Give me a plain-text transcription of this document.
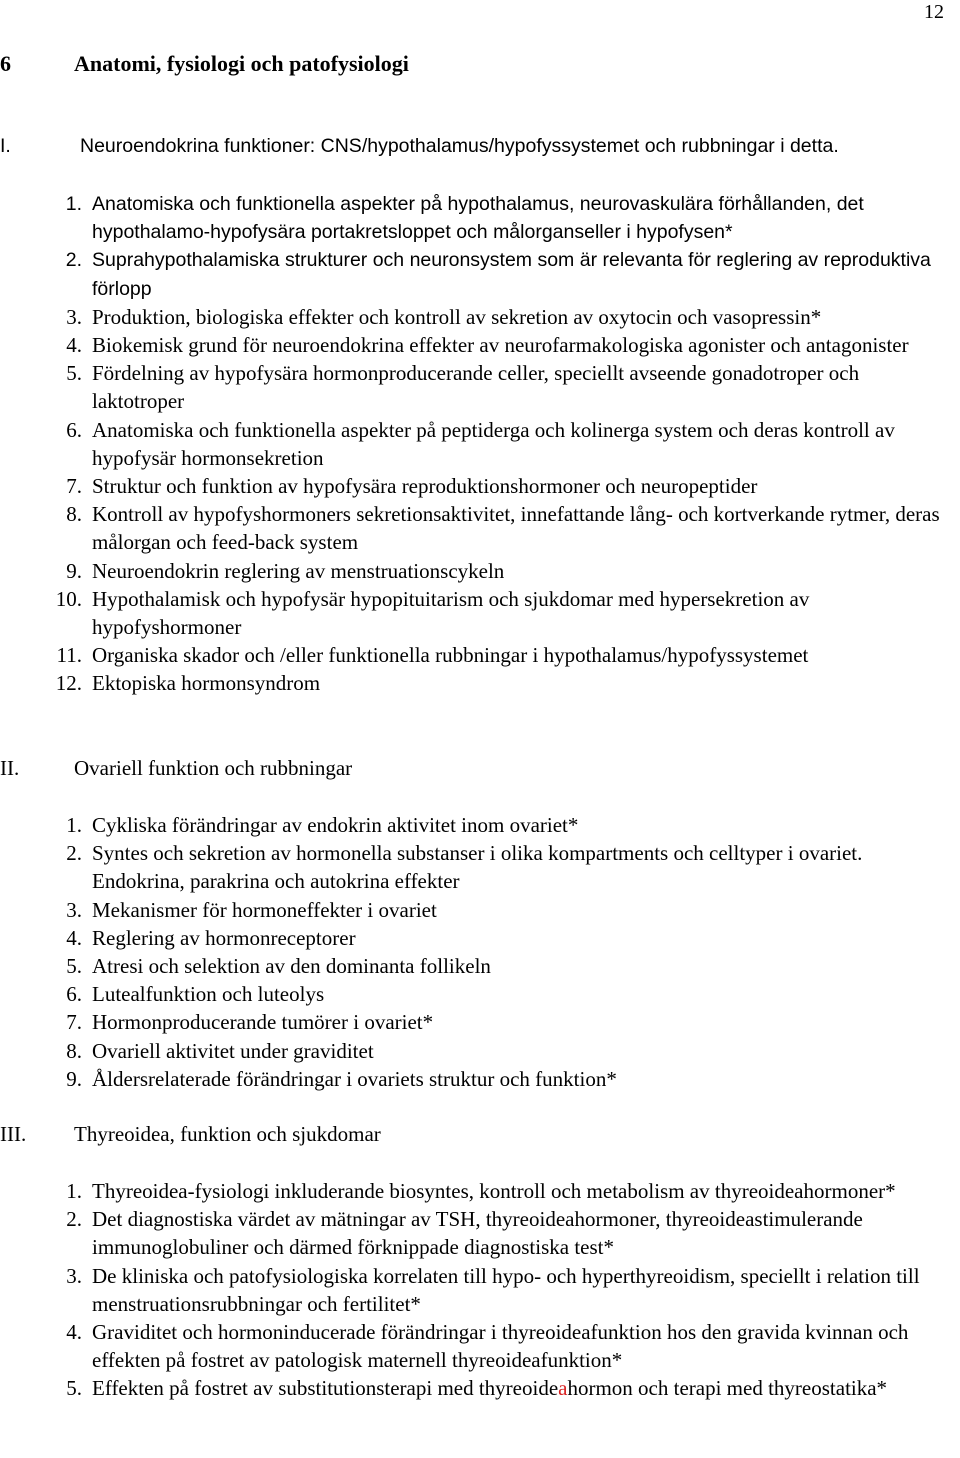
12
6	Anatomi, fysiologi och patofysiologi
I.	Neuroendokrina funktioner: CNS/hypothalamus/hypofyssystemet och rubbningar i detta.
1. Anatomiska och funktionella aspekter på hypothalamus, neurovaskulära förhållanden, det hypothalamo-hypofysära portakretsloppet och målorganseller i hypofysen*
2. Suprahypothalamiska strukturer och neuronsystem som är relevanta för reglering av reproduktiva förlopp
3. Produktion, biologiska effekter och kontroll av sekretion av oxytocin och vasopressin*
4. Biokemisk grund för neuroendokrina effekter av neurofarmakologiska agonister och antagonister
5. Fördelning av hypofysära hormonproducerande celler, speciellt avseende gonadotroper och laktotroper
6. Anatomiska och funktionella aspekter på peptiderga och kolinerga system och deras kontroll av hypofysär hormonsekretion
7. Struktur och funktion av hypofysära reproduktionshormoner och neuropeptider
8. Kontroll av hypofyshormoners sekretionsaktivitet, innefattande lång- och kortverkande rytmer, deras målorgan och feed-back system
9. Neuroendokrin reglering av menstruationscykeln
10. Hypothalamisk och hypofysär hypopituitarism och sjukdomar med hypersekretion av hypofyshormoner
11. Organiska skador och /eller funktionella rubbningar i hypothalamus/hypofyssystemet
12. Ektopiska hormonsyndrom
II.	Ovariell funktion och rubbningar
1. Cykliska förändringar av endokrin aktivitet inom ovariet*
2. Syntes och sekretion av hormonella substanser i olika kompartments och celltyper i ovariet. Endokrina, parakrina och autokrina effekter
3. Mekanismer för hormoneffekter i ovariet
4. Reglering av hormonreceptorer
5. Atresi och selektion av den dominanta follikeln
6. Lutealfunktion och luteolys
7. Hormonproducerande tumörer i ovariet*
8. Ovariell aktivitet under graviditet
9. Åldersrelaterade förändringar i ovariets struktur och funktion*
III. Thyreoidea, funktion och sjukdomar
1. Thyreoidea-fysiologi inkluderande biosyntes, kontroll och metabolism av thyreoideahormoner*
2. Det diagnostiska värdet av mätningar av TSH, thyreoideahormoner, thyreoideastimulerande immunoglobuliner och därmed förknippade diagnostiska test*
3. De kliniska och patofysiologiska korrelaten till hypo- och hyperthyreoidism, speciellt i relation till menstruationsrubbningar och fertilitet*
4. Graviditet och hormoninducerade förändringar i thyreoideafunktion hos den gravida kvinnan och effekten på fostret av patologisk maternell thyreoideafunktion*
5. Effekten på fostret av substitutionsterapi med thyreoideahormon och terapi med thyreostatika*
